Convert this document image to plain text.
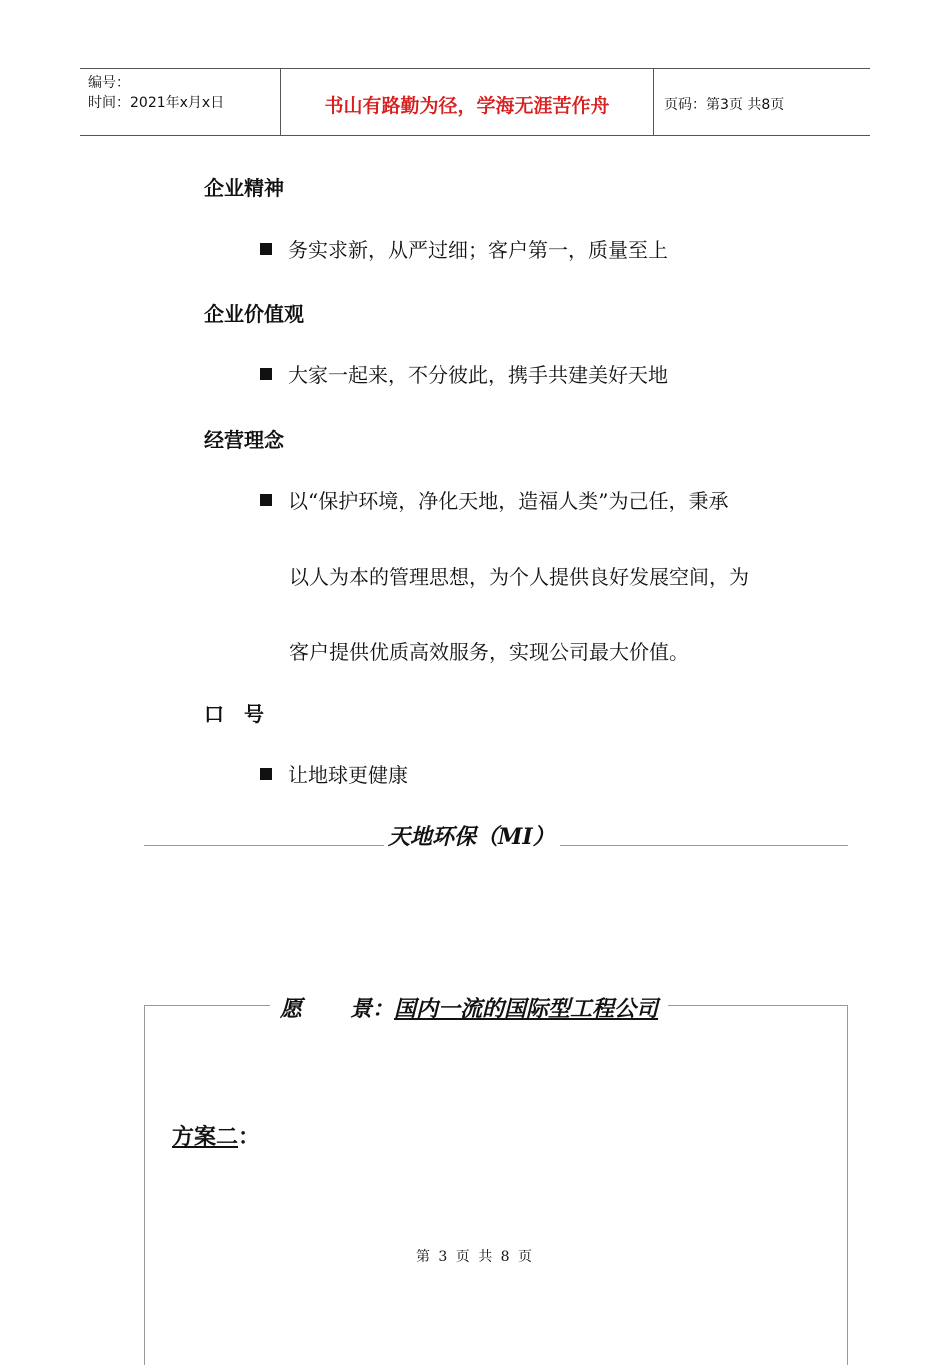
编号：
时间：2021年x月x日	书山有路勤为径，学海无涯苦作舟	页码：第3页 共8页
企业精神
务实求新，从严过细；客户第一，质量至上
企业价值观
大家一起来，不分彼此，携手共建美好天地
经营理念
以“保护环境，净化天地，造福人类”为己任，秉承
以人为本的管理思想，为个人提供良好发展空间，为
客户提供优质高效服务，实现公司最大价值。
口　号
让地球更健康
天地环保（MI）
愿 景： 国内一流的国际型工程公司
方案二：
第 3 页 共 8 页
